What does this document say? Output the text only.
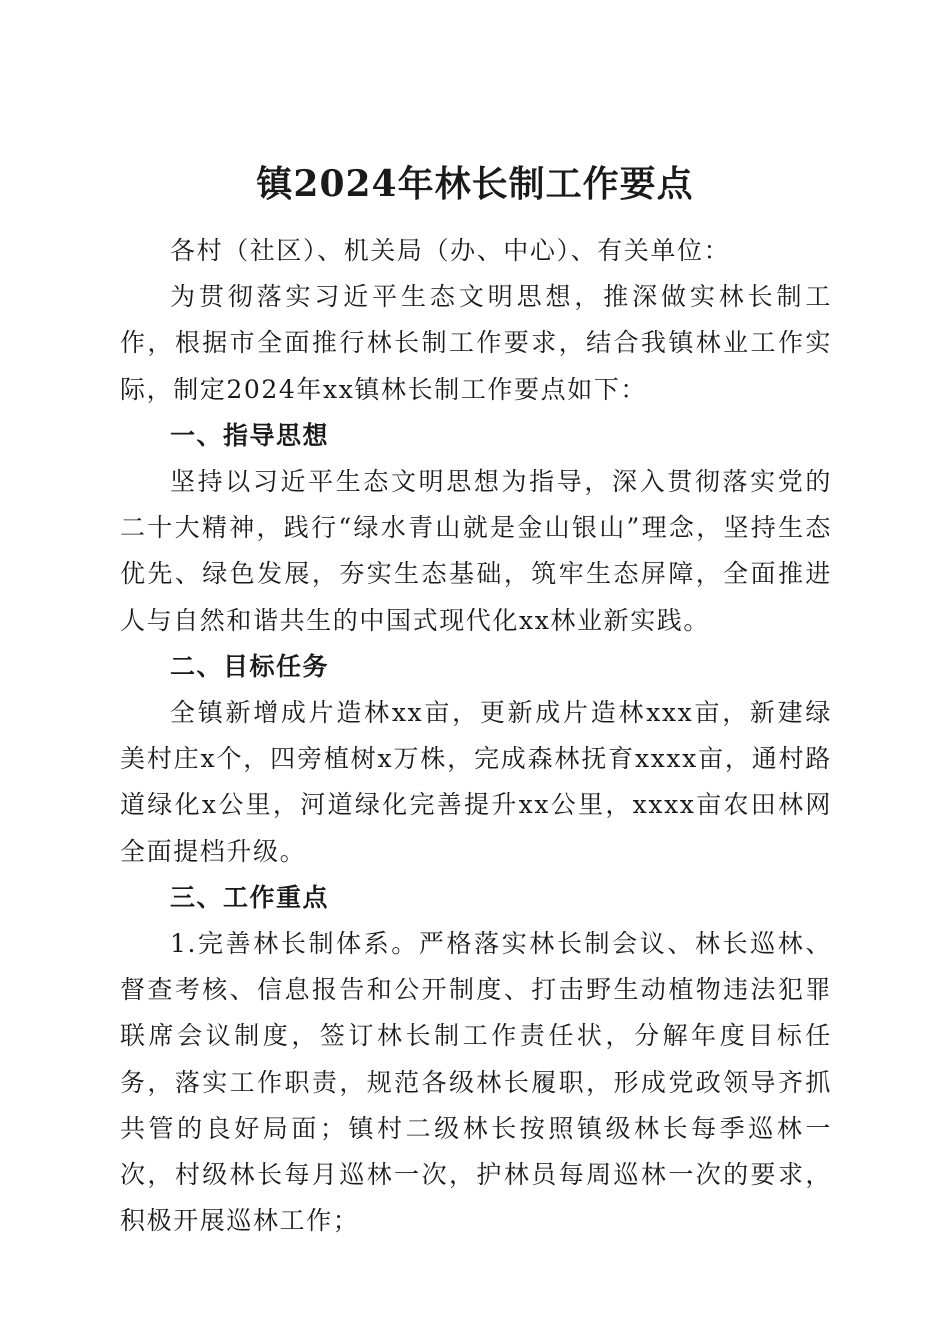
镇2024年林长制工作要点

各村（社区）、机关局（办、中心）、有关单位：

为贯彻落实习近平生态文明思想，推深做实林长制工作，根据市全面推行林长制工作要求，结合我镇林业工作实际，制定2024年xx镇林长制工作要点如下：

一、指导思想

坚持以习近平生态文明思想为指导，深入贯彻落实党的二十大精神，践行“绿水青山就是金山银山”理念，坚持生态优先、绿色发展，夯实生态基础，筑牢生态屏障，全面推进人与自然和谐共生的中国式现代化xx林业新实践。

二、目标任务

全镇新增成片造林xx亩，更新成片造林xxx亩，新建绿美村庄x个，四旁植树x万株，完成森林抚育xxxx亩，通村路道绿化x公里，河道绿化完善提升xx公里，xxxx亩农田林网全面提档升级。

三、工作重点

1.完善林长制体系。严格落实林长制会议、林长巡林、督查考核、信息报告和公开制度、打击野生动植物违法犯罪联席会议制度，签订林长制工作责任状，分解年度目标任务，落实工作职责，规范各级林长履职，形成党政领导齐抓共管的良好局面；镇村二级林长按照镇级林长每季巡林一次，村级林长每月巡林一次，护林员每周巡林一次的要求，积极开展巡林工作；
